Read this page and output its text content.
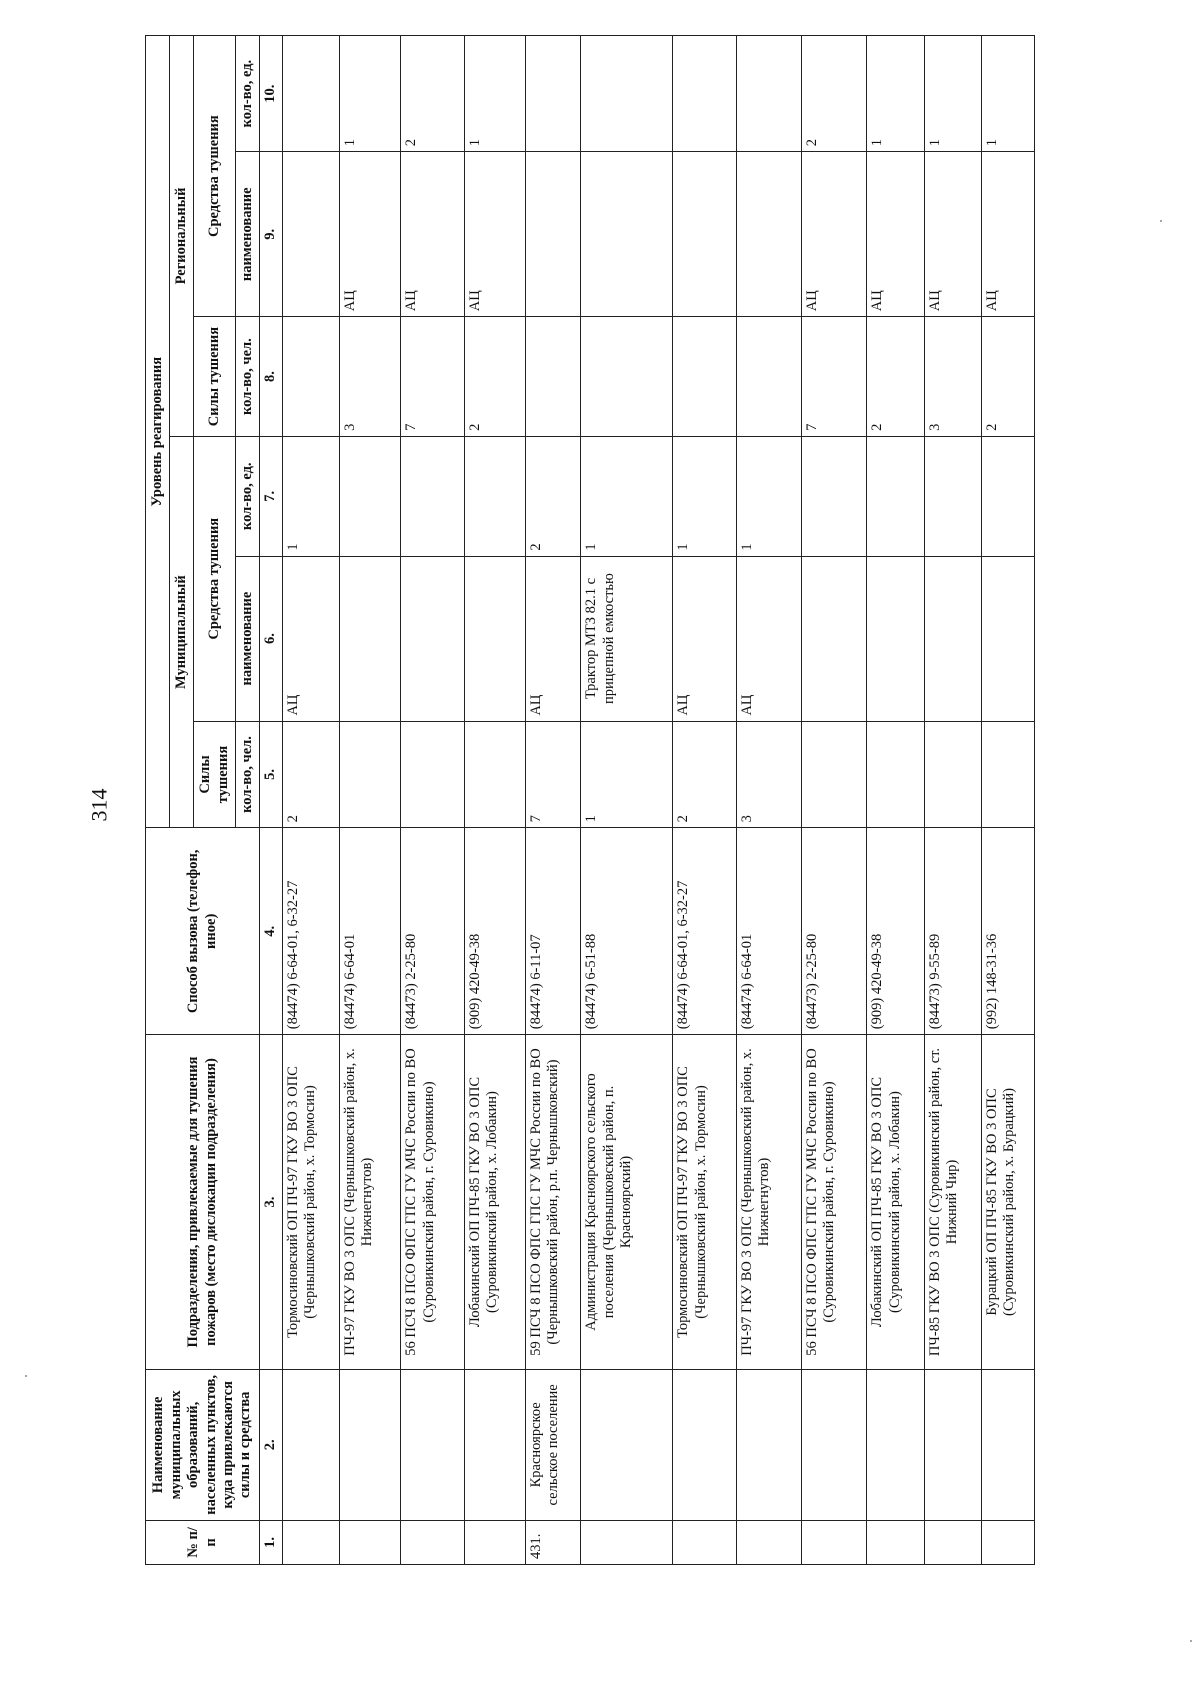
314
№ п/п	Наименование муниципальных образований, населенных пунктов, куда привлекаются силы и средства	Подразделения, привлекаемые для тушения пожаров (место дислокации подразделения)	Способ вызова (телефон, иное)	Уровень реагирования					
				Муниципальный			Региональный		
				Силы тушения	Средства тушения		Силы тушения	Средства тушения	
				кол-во, чел.	наименование	кол-во, ед.	кол-во, чел.	наименование	кол-во, ед.
1.	2.	3.	4.	5.	6.	7.	8.	9.	10.
		Тормосиновский ОП ПЧ-97 ГКУ ВО 3 ОПС (Чернышковский район, х. Тормосин)	(84474) 6-64-01, 6-32-27	2	АЦ	1			
		ПЧ-97 ГКУ ВО 3 ОПС (Чернышковский район, х. Нижнегнутов)	(84474) 6-64-01				3	АЦ	1
		56 ПСЧ 8 ПСО ФПС ГПС ГУ МЧС России по ВО (Суровикинский район, г. Суровикино)	(84473) 2-25-80				7	АЦ	2
		Лобакинский ОП ПЧ-85 ГКУ ВО 3 ОПС (Суровикинский район, х. Лобакин)	(909) 420-49-38				2	АЦ	1
431.	Красноярское сельское поселение	59 ПСЧ 8 ПСО ФПС ГПС ГУ МЧС России по ВО (Чернышковский район, р.п. Чернышковский)	(84474) 6-11-07	7	АЦ	2			
		Администрация Красноярского сельского поселения (Чернышковский район, п. Красноярский)	(84474) 6-51-88	1	Трактор МТЗ 82.1 с прицепной емкостью	1			
		Тормосиновский ОП ПЧ-97 ГКУ ВО 3 ОПС (Чернышковский район, х. Тормосин)	(84474) 6-64-01, 6-32-27	2	АЦ	1			
		ПЧ-97 ГКУ ВО 3 ОПС (Чернышковский район, х. Нижнегнутов)	(84474) 6-64-01	3	АЦ	1			
		56 ПСЧ 8 ПСО ФПС ГПС ГУ МЧС России по ВО (Суровикинский район, г. Суровикино)	(84473) 2-25-80				7	АЦ	2
		Лобакинский ОП ПЧ-85 ГКУ ВО 3 ОПС (Суровикинский район, х. Лобакин)	(909) 420-49-38				2	АЦ	1
		ПЧ-85 ГКУ ВО 3 ОПС (Суровикинский район, ст. Нижний Чир)	(84473) 9-55-89				3	АЦ	1
		Бурацкий ОП ПЧ-85 ГКУ ВО 3 ОПС (Суровикинский район, х. Бурацкий)	(992) 148-31-36				2	АЦ	1
